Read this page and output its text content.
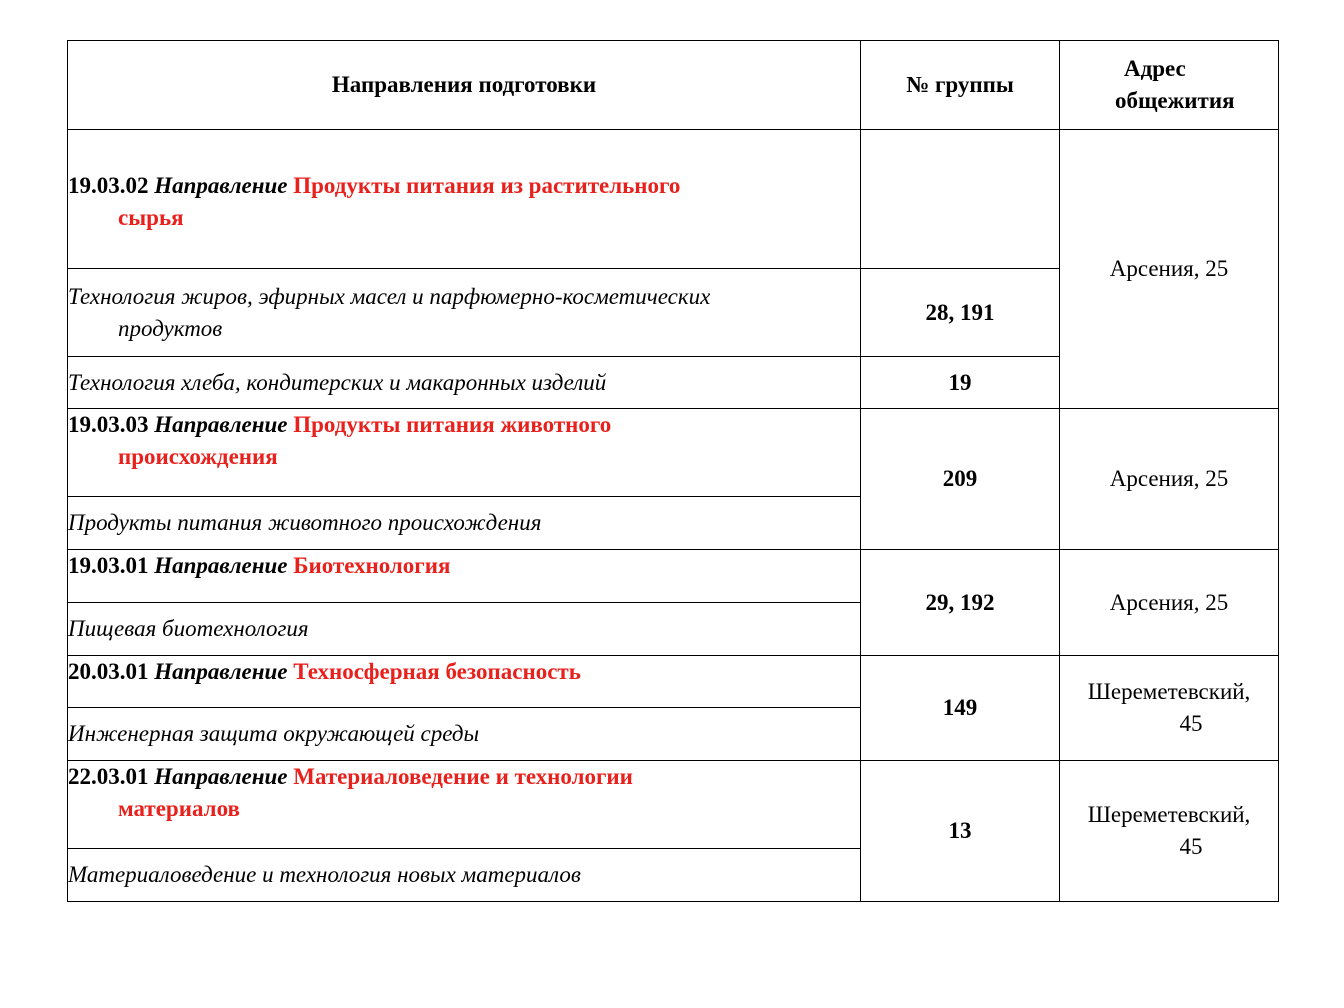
Направления подготовки	№ группы	Адрес
общежития

19.03.02 Направление Продукты питания из растительного
сырья		Арсения, 25

Технология жиров, эфирных масел и парфюмерно-косметических
продуктов	28, 191	

Технология хлеба, кондитерских и макаронных изделий	19	

19.03.03 Направление Продукты питания животного
происхождения	209	Арсения, 25

Продукты питания животного происхождения		

19.03.01 Направление Биотехнология	29, 192	Арсения, 25

Пищевая биотехнология		

20.03.01 Направление Техносферная безопасность	149	Шереметевский,
45

Инженерная защита окружающей среды		

22.03.01 Направление Материаловедение и технологии
материалов	13	Шереметевский,
45

Материаловедение и технология новых материалов		
